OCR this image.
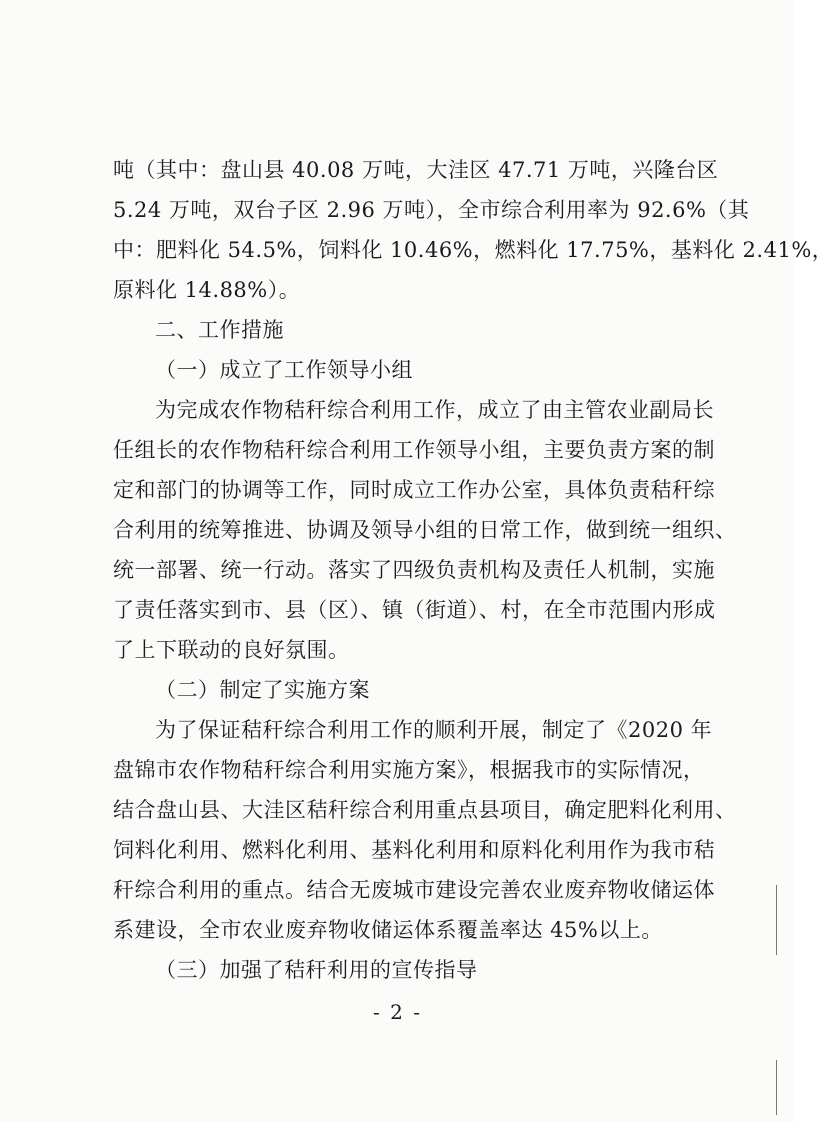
吨（其中：盘山县 40.08 万吨，大洼区 47.71 万吨，兴隆台区
5.24 万吨，双台子区 2.96 万吨），全市综合利用率为 92.6%（其
中：肥料化 54.5%，饲料化 10.46%，燃料化 17.75%，基料化 2.41%，
原料化 14.88%）。
二、工作措施
（一）成立了工作领导小组
为完成农作物秸秆综合利用工作，成立了由主管农业副局长
任组长的农作物秸秆综合利用工作领导小组，主要负责方案的制
定和部门的协调等工作，同时成立工作办公室，具体负责秸秆综
合利用的统筹推进、协调及领导小组的日常工作，做到统一组织、
统一部署、统一行动。落实了四级负责机构及责任人机制，实施
了责任落实到市、县（区）、镇（街道）、村，在全市范围内形成
了上下联动的良好氛围。
（二）制定了实施方案
为了保证秸秆综合利用工作的顺利开展，制定了《2020 年
盘锦市农作物秸秆综合利用实施方案》，根据我市的实际情况，
结合盘山县、大洼区秸秆综合利用重点县项目，确定肥料化利用、
饲料化利用、燃料化利用、基料化利用和原料化利用作为我市秸
秆综合利用的重点。结合无废城市建设完善农业废弃物收储运体
系建设，全市农业废弃物收储运体系覆盖率达 45%以上。
（三）加强了秸秆利用的宣传指导
- 2 -
